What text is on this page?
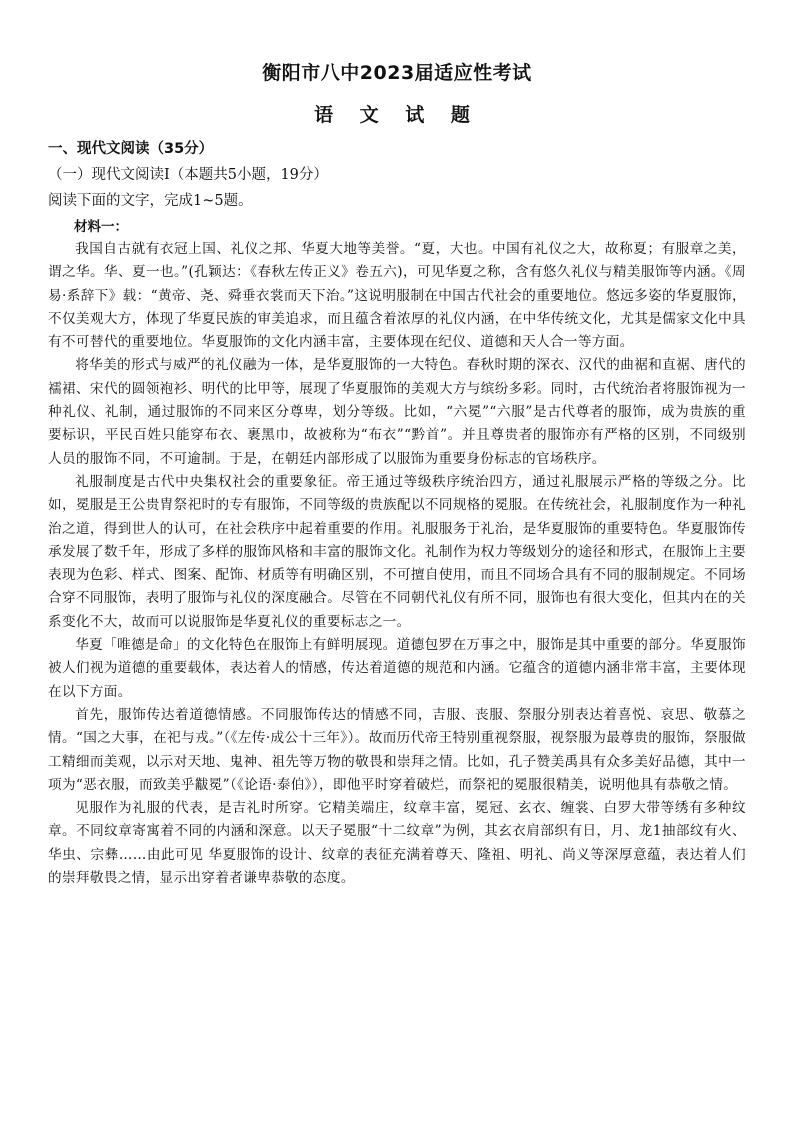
衡阳市八中2023届适应性考试
语 文 试 题
一、现代文阅读（35分）
（一）现代文阅读Ⅰ（本题共5小题，19分）
阅读下面的文字，完成1~5题。
材料一：

我国自古就有衣冠上国、礼仪之邦、华夏大地等美誉。“夏，大也。中国有礼仪之大，故称夏；有服章之美，谓之华。华、夏一也。”(孔颖达：《春秋左传正义》卷五六)，可见华夏之称，含有悠久礼仪与精美服饰等内涵。《周易·系辞下》载：“黄帝、尧、舜垂衣裳而天下治。”这说明服制在中国古代社会的重要地位。悠远多姿的华夏服饰，不仅美观大方，体现了华夏民族的审美追求，而且蕴含着浓厚的礼仪内涵，在中华传统文化，尤其是儒家文化中具有不可替代的重要地位。华夏服饰的文化内涵丰富，主要体现在纪仪、道德和天人合一等方面。

将华美的形式与威严的礼仪融为一体，是华夏服饰的一大特色。春秋时期的深衣、汉代的曲裾和直裾、唐代的襦裙、宋代的圆领袍衫、明代的比甲等，展现了华夏服饰的美观大方与缤纷多彩。同时，古代统治者将服饰视为一种礼仪、礼制，通过服饰的不同来区分尊卑，划分等级。比如，“六冕”“六服”是古代尊者的服饰，成为贵族的重要标识，平民百姓只能穿布衣、裹黑巾，故被称为“布衣”“黔首”。并且尊贵者的服饰亦有严格的区别，不同级别人员的服饰不同，不可逾制。于是，在朝廷内部形成了以服饰为重要身份标志的官场秩序。

礼服制度是古代中央集权社会的重要象征。帝王通过等级秩序统治四方，通过礼服展示严格的等级之分。比如，冕服是王公贵胄祭祀时的专有服饰，不同等级的贵族配以不同规格的冕服。在传统社会，礼服制度作为一种礼治之道，得到世人的认可，在社会秩序中起着重要的作用。礼服服务于礼治，是华夏服饰的重要特色。华夏服饰传承发展了数千年，形成了多样的服饰风格和丰富的服饰文化。礼制作为权力等级划分的途径和形式，在服饰上主要表现为色彩、样式、图案、配饰、材质等有明确区别，不可擅自使用，而且不同场合具有不同的服制规定。不同场合穿不同服饰，表明了服饰与礼仪的深度融合。尽管在不同朝代礼仪有所不同，服饰也有很大变化，但其内在的关系变化不大，故而可以说服饰是华夏礼仪的重要标志之一。

华夏「唯德是命」的文化特色在服饰上有鲜明展现。道德包罗在万事之中，服饰是其中重要的部分。华夏服饰被人们视为道德的重要载体，表达着人的情感，传达着道德的规范和内涵。它蕴含的道德内涵非常丰富，主要体现在以下方面。

首先，服饰传达着道德情感。不同服饰传达的情感不同，吉服、丧服、祭服分别表达着喜悦、哀思、敬慕之情。“国之大事，在祀与戎。”（《左传·成公十三年》）。故而历代帝王特别重视祭服，视祭服为最尊贵的服饰，祭服做工精细而美观，以示对天地、鬼神、祖先等万物的敬畏和崇拜之情。比如，孔子赞美禹具有众多美好品德，其中一项为“恶衣服，而致美乎黻冕”（《论语·泰伯》），即他平时穿着破烂，而祭祀的冕服很精美，说明他具有恭敬之情。

见服作为礼服的代表，是吉礼时所穿。它精美端庄，纹章丰富，冕冠、玄衣、缠裳、白罗大带等绣有多种纹章。不同纹章寄寓着不同的内涵和深意。以天子冕服“十二纹章”为例，其玄衣肩部织有日，月、龙1抽部纹有火、华虫、宗彝……由此可见 华夏服饰的设计、纹章的表征充满着尊天、隆祖、明礼、尚义等深厚意蕴，表达着人们的崇拜敬畏之情，显示出穿着者谦卑恭敬的态度。
